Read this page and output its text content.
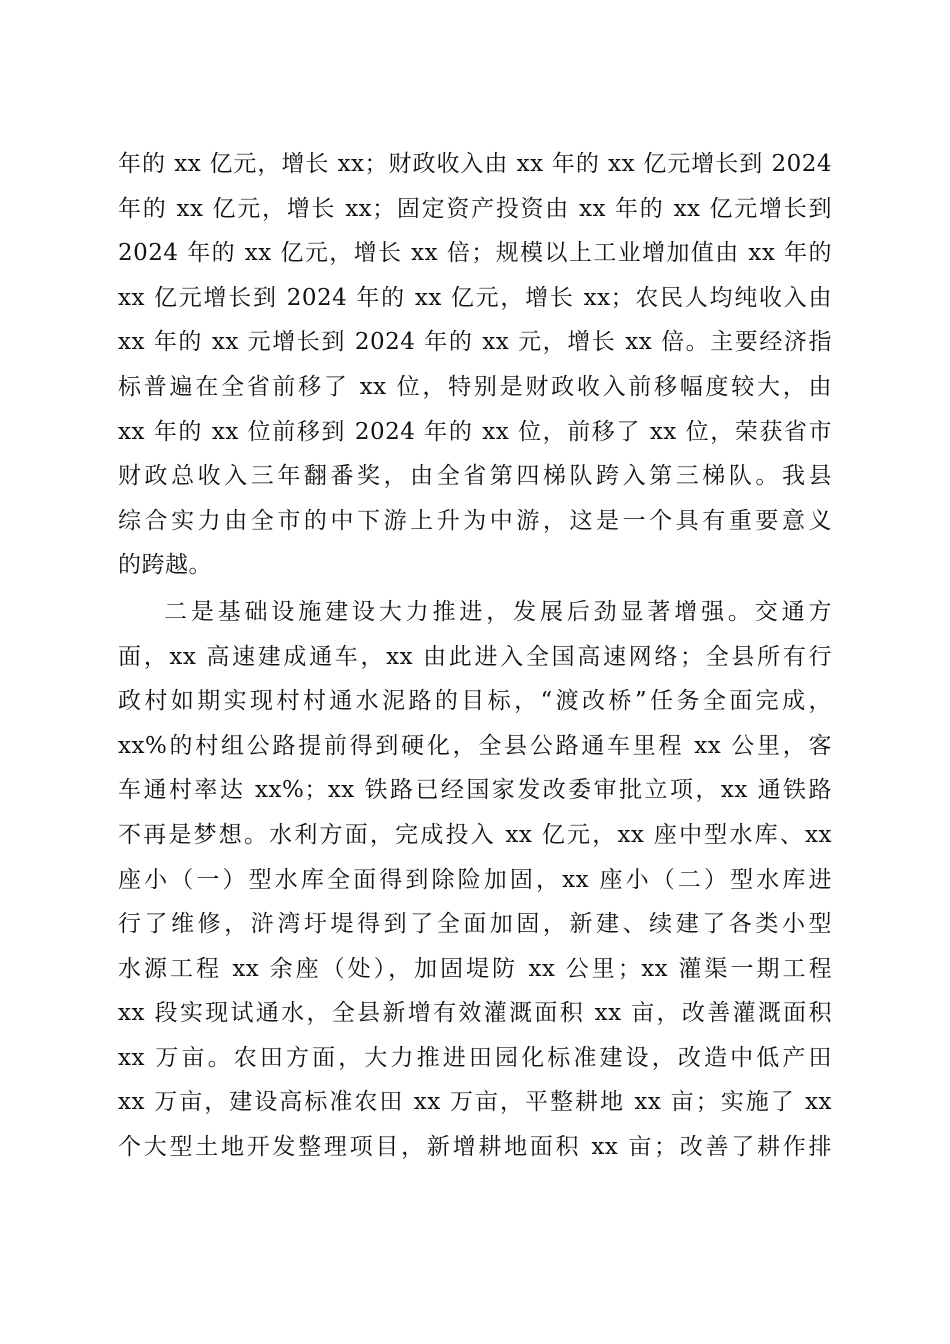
年的 xx 亿元，增长 xx；财政收入由 xx 年的 xx 亿元增长到 2024
年的 xx 亿元，增长 xx；固定资产投资由 xx 年的 xx 亿元增长到
2024 年的 xx 亿元，增长 xx 倍；规模以上工业增加值由 xx 年的
xx 亿元增长到 2024 年的 xx 亿元，增长 xx；农民人均纯收入由
xx 年的 xx 元增长到 2024 年的 xx 元，增长 xx 倍。主要经济指
标普遍在全省前移了 xx 位，特别是财政收入前移幅度较大，由
xx 年的 xx 位前移到 2024 年的 xx 位，前移了 xx 位，荣获省市
财政总收入三年翻番奖，由全省第四梯队跨入第三梯队。我县
综合实力由全市的中下游上升为中游，这是一个具有重要意义
的跨越。
二是基础设施建设大力推进，发展后劲显著增强。交通方
面，xx 高速建成通车，xx 由此进入全国高速网络；全县所有行
政村如期实现村村通水泥路的目标，“渡改桥”任务全面完成，
xx%的村组公路提前得到硬化，全县公路通车里程 xx 公里，客
车通村率达 xx%；xx 铁路已经国家发改委审批立项，xx 通铁路
不再是梦想。水利方面，完成投入 xx 亿元，xx 座中型水库、xx
座小（一）型水库全面得到除险加固，xx 座小（二）型水库进
行了维修，浒湾圩堤得到了全面加固，新建、续建了各类小型
水源工程 xx 余座（处），加固堤防 xx 公里；xx 灌渠一期工程
xx 段实现试通水，全县新增有效灌溉面积 xx 亩，改善灌溉面积
xx 万亩。农田方面，大力推进田园化标准建设，改造中低产田
xx 万亩，建设高标准农田 xx 万亩，平整耕地 xx 亩；实施了 xx
个大型土地开发整理项目，新增耕地面积 xx 亩；改善了耕作排
